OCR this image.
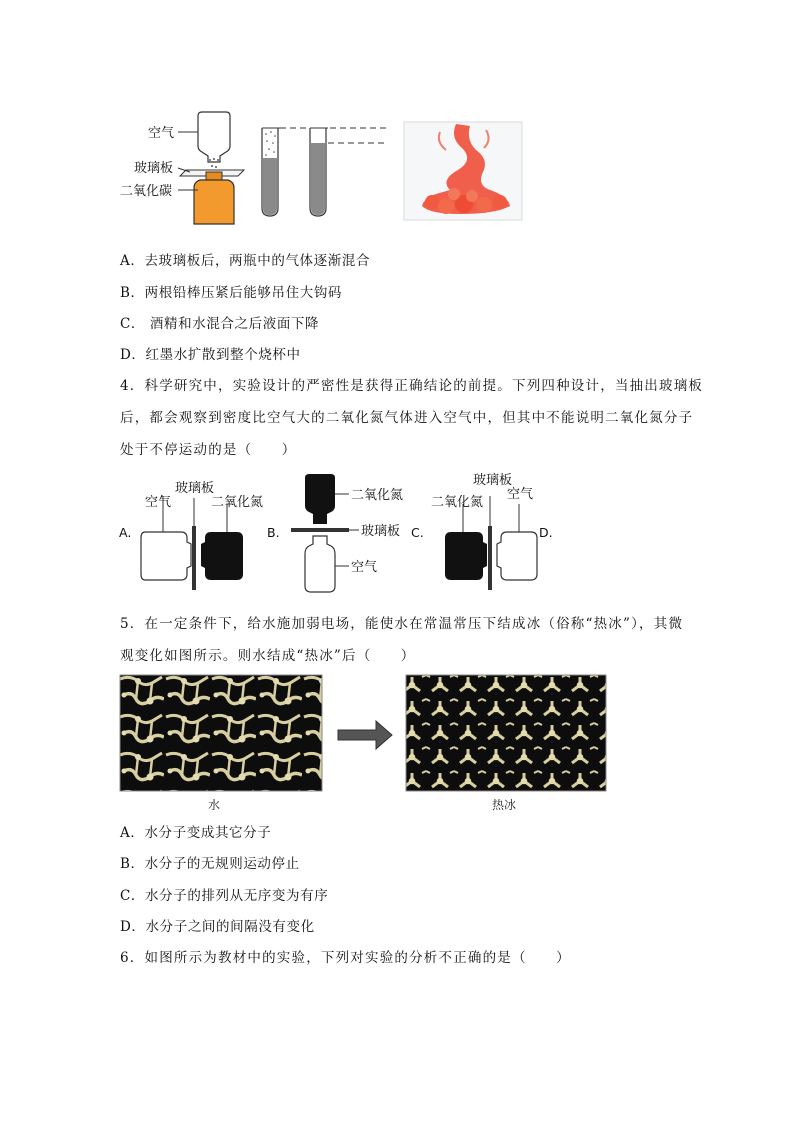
空气
玻璃板
二氧化碳
A．去玻璃板后，两瓶中的气体逐渐混合
B．两根铅棒压紧后能够吊住大钩码
C． 酒精和水混合之后液面下降
D．红墨水扩散到整个烧杯中
4．科学研究中，实验设计的严密性是获得正确结论的前提。下列四种设计，当抽出玻璃板
后，都会观察到密度比空气大的二氧化氮气体进入空气中，但其中不能说明二氧化氮分子
处于不停运动的是（　　）
A.
空气
玻璃板
二氧化氮
B.
二氧化氮
玻璃板
空气
C.
二氧化氮
玻璃板
空气
D.
5．在一定条件下，给水施加弱电场，能使水在常温常压下结成冰（俗称“热冰”），其微
观变化如图所示。则水结成“热冰”后（　　）
水	热冰
A．水分子变成其它分子
B．水分子的无规则运动停止
C．水分子的排列从无序变为有序
D．水分子之间的间隔没有变化
6．如图所示为教材中的实验，下列对实验的分析不正确的是（　　）
